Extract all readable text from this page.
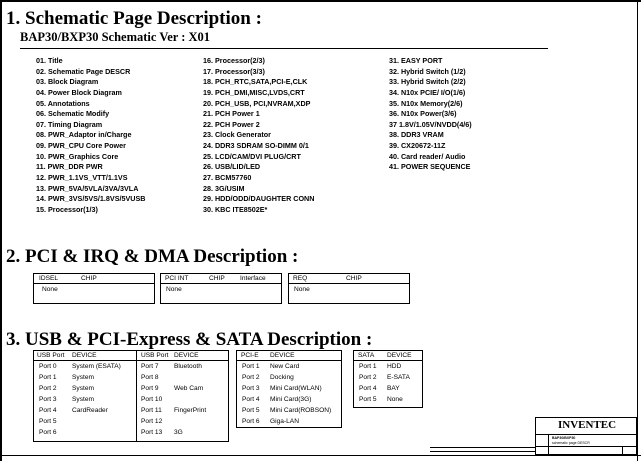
1. Schematic Page Description :
BAP30/BXP30 Schematic Ver : X01
01. Title
02. Schematic Page DESCR
03. Block Diagram
04. Power Block Diagram
05. Annotations
06. Schematic Modify
07. Timing Diagram
08. PWR_Adaptor in/Charge
09. PWR_CPU Core Power
10. PWR_Graphics Core
11. PWR_DDR PWR
12. PWR_1.1VS_VTT/1.1VS
13. PWR_5VA/5VLA/3VA/3VLA
14. PWR_3VS/5VS/1.8VS/5VUSB
15. Processor(1/3)
16. Processor(2/3)
17. Processor(3/3)
18. PCH_RTC,SATA,PCI-E,CLK
19. PCH_DMI,MISC,LVDS,CRT
20. PCH_USB, PCI,NVRAM,XDP
21. PCH Power 1
22. PCH Power 2
23. Clock Generator
24. DDR3 SDRAM SO-DIMM 0/1
25. LCD/CAM/DVI PLUG/CRT
26. USB/LID/LED
27. BCM57760
28. 3G/USIM
29. HDD/ODD/DAUGHTER CONN
30. KBC ITE8502E*
31. EASY PORT
32. Hybrid Switch (1/2)
33. Hybrid Switch (2/2)
34. N10x PCIE/ I/O(1/6)
35. N10x Memory(2/6)
36. N10x Power(3/6)
37 1.8V/1.05V/NVDD(4/6)
38. DDR3 VRAM
39. CX20672-11Z
40. Card reader/ Audio
41. POWER SEQUENCE
2. PCI & IRQ & DMA Description :
IDSEL	CHIP
None
PCI INT	CHIP Interface
None
REQ	CHIP
None
3. USB & PCI-Express & SATA Description :
USB Port DEVICE	USB Port DEVICE
Port 0 System (ESATA)
Port 1 System
Port 2 System
Port 3 System
Port 4 CardReader
Port 5
Port 6
Port 7 Bluetooth
Port 8
Port 9 Web Cam
Port 10
Port 11 FingerPrint
Port 12
Port 13 3G
PCI-E DEVICE
Port 1 New Card
Port 2 Docking
Port 3 Mini Card(WLAN)
Port 4 Mini Card(3G)
Port 5 Mini Card(ROBSON)
Port 6 Giga-LAN
SATA DEVICE
Port 1 HDD
Port 2 E-SATA
Port 4 BAY
Port 5 None
BAP30/BXP30
schematic page DESCR
INVENTEC
